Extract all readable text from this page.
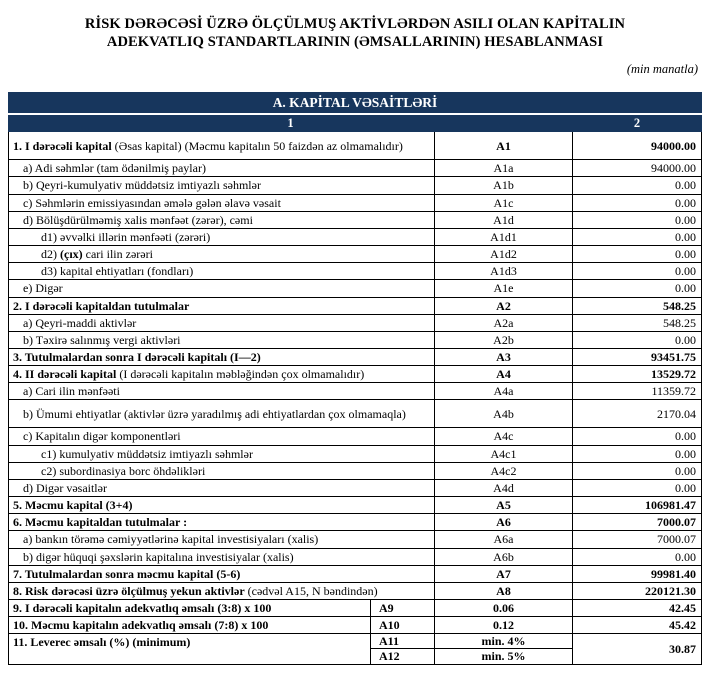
RİSK DƏRƏCƏSİ ÜZRƏ ÖLÇÜLMUŞ AKTİVLƏRDƏN ASILI OLAN KAPİTALIN
ADEKVATLIQ STANDARTLARININ (ƏMSALLARININ) HESABLANMASI
(min manatla)
A. KAPİTAL VƏSAİTLƏRİ			
1			2
1. I dərəcəli kapital (Əsas kapital) (Məcmu kapitalın 50 faizdən az olmamalıdır)		A1	94000.00
a) Adi səhmlər (tam ödənilmiş paylar)		A1a	94000.00
b) Qeyri-kumulyativ müddətsiz imtiyazlı səhmlər		A1b	0.00
c) Səhmlərin emissiyasından əmələ gələn əlavə vəsait		A1c	0.00
d) Bölüşdürülməmiş xalis mənfəət (zərər), cəmi		A1d	0.00
d1) əvvəlki illərin mənfəəti (zərəri)		A1d1	0.00
d2) (çıx) cari ilin zərəri		A1d2	0.00
d3) kapital ehtiyatları (fondları)		A1d3	0.00
e) Digər		A1e	0.00
2. I dərəcəli kapitaldan tutulmalar		A2	548.25
a) Qeyri-maddi aktivlər		A2a	548.25
b) Təxirə salınmış vergi aktivləri		A2b	0.00
3. Tutulmalardan sonra I dərəcəli kapitalı (I—2)		A3	93451.75
4. II dərəcəli kapital (I dərəcəli kapitalın məbləğindən çox olmamalıdır)		A4	13529.72
a) Cari ilin mənfəəti		A4a	11359.72
b) Ümumi ehtiyatlar (aktivlər üzrə yaradılmış adi ehtiyatlardan çox olmamaqla)		A4b	2170.04
c) Kapitalın digər komponentləri		A4c	0.00
c1) kumulyativ müddətsiz imtiyazlı səhmlər		A4c1	0.00
c2) subordinasiya borc öhdəlikləri		A4c2	0.00
d) Digər vəsaitlər		A4d	0.00
5. Məcmu kapital (3+4)		A5	106981.47
6. Məcmu kapitaldan tutulmalar :		A6	7000.07
a) bankın törəmə cəmiyyətlərinə kapital investisiyaları (xalis)		A6a	7000.07
b) digər hüquqi şəxslərin kapitalına investisiyalar (xalis)		A6b	0.00
7. Tutulmalardan sonra məcmu kapital (5-6)		A7	99981.40
8. Risk dərəcəsi üzrə ölçülmuş yekun aktivlər (cədvəl A15, N bəndindən)		A8	220121.30
9. I dərəcəli kapitalın adekvatlıq əmsalı (3:8) x 100	A9	0.06	42.45
10. Məcmu kapitalın adekvatlıq əmsalı (7:8) x 100	A10	0.12	45.42
11. Leverec əmsalı (%) (minimum)	A11	min. 4%	30.87
	A12	min. 5%	
